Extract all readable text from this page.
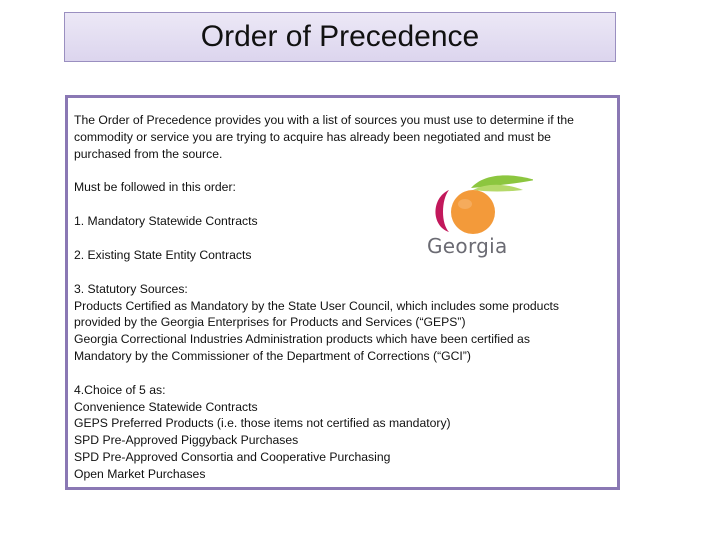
Order of Precedence

The Order of Precedence provides you with a list of sources you must use to determine if the

commodity or service you are trying to acquire has already been negotiated and must be

purchased from the source.

Must be followed in this order:

1. Mandatory Statewide Contracts

2. Existing State Entity Contracts

3. Statutory Sources:

Products Certified as Mandatory by the State User Council, which includes some products

provided by the Georgia Enterprises for Products and Services (“GEPS”)

Georgia Correctional Industries Administration products which have been certified as

Mandatory by the Commissioner of the Department of Corrections (“GCI”)

4.Choice of 5 as:

Convenience Statewide Contracts

GEPS Preferred Products (i.e. those items not certified as mandatory)

SPD Pre-Approved Piggyback Purchases

SPD Pre-Approved Consortia and Cooperative Purchasing

Open Market Purchases

Georgia
